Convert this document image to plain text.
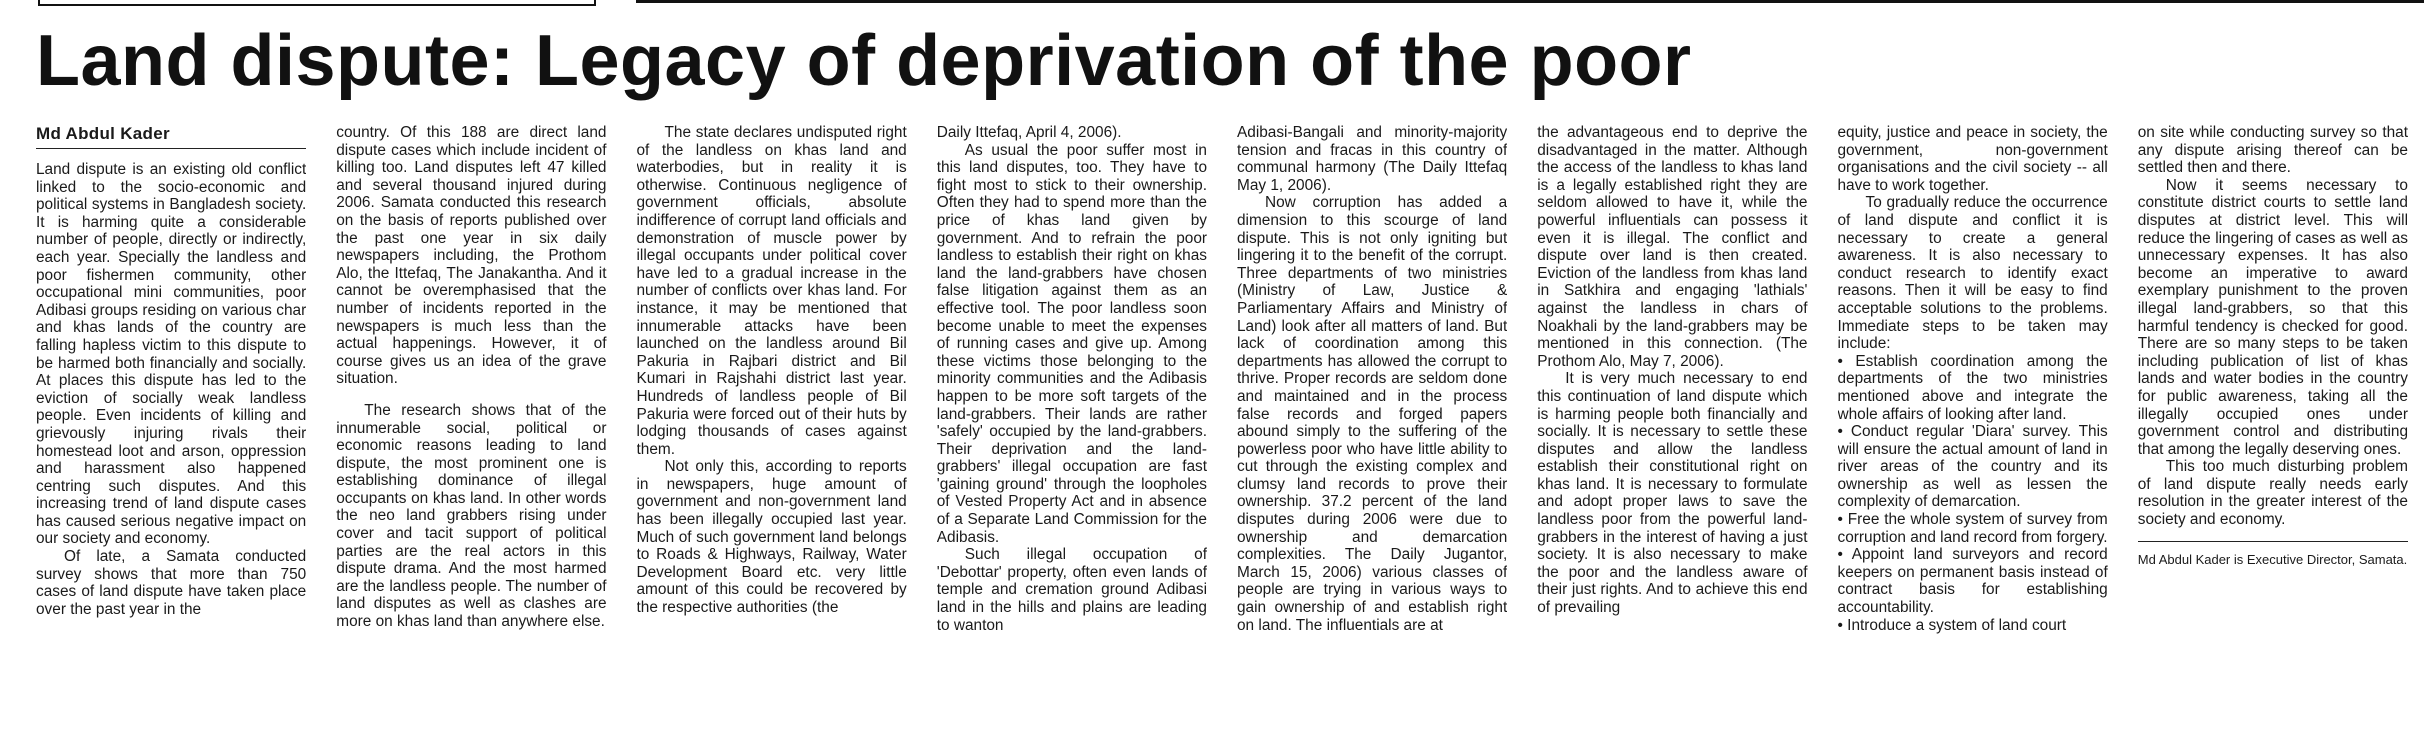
Land dispute: Legacy of deprivation of the poor
Md Abdul Kader

Land dispute is an existing old conflict linked to the socio-economic and political systems in Bangladesh society. It is harming quite a considerable number of people, directly or indirectly, each year. Specially the landless and poor fishermen community, other occupational mini communities, poor Adibasi groups residing on various char and khas lands of the country are falling hapless victim to this dispute to be harmed both financially and socially. At places this dispute has led to the eviction of socially weak landless people. Even incidents of killing and grievously injuring rivals their homestead loot and arson, oppression and harassment also happened centring such disputes. And this increasing trend of land dispute cases has caused serious negative impact on our society and economy.

Of late, a Samata conducted survey shows that more than 750 cases of land dispute have taken place over the past year in the

country. Of this 188 are direct land dispute cases which include incident of killing too. Land disputes left 47 killed and several thousand injured during 2006. Samata conducted this research on the basis of reports published over the past one year in six daily newspapers including, the Prothom Alo, the Ittefaq, The Janakantha. And it cannot be overemphasised that the number of incidents reported in the newspapers is much less than the actual happenings. However, it of course gives us an idea of the grave situation.

The research shows that of the innumerable social, political or economic reasons leading to land dispute, the most prominent one is establishing dominance of illegal occupants on khas land. In other words the neo land grabbers rising under cover and tacit support of political parties are the real actors in this dispute drama. And the most harmed are the landless people. The number of land disputes as well as clashes are more on khas land than anywhere else.

The state declares undisputed right of the landless on khas land and waterbodies, but in reality it is otherwise. Continuous negligence of government officials, absolute indifference of corrupt land officials and demonstration of muscle power by illegal occupants under political cover have led to a gradual increase in the number of conflicts over khas land. For instance, it may be mentioned that innumerable attacks have been launched on the landless around Bil Pakuria in Rajbari district and Bil Kumari in Rajshahi district last year. Hundreds of landless people of Bil Pakuria were forced out of their huts by lodging thousands of cases against them.

Not only this, according to reports in newspapers, huge amount of government and non-government land has been illegally occupied last year. Much of such government land belongs to Roads & Highways, Railway, Water Development Board etc. very little amount of this could be recovered by the respective authorities (the

Daily Ittefaq, April 4, 2006).

As usual the poor suffer most in this land disputes, too. They have to fight most to stick to their ownership. Often they had to spend more than the price of khas land given by government. And to refrain the poor landless to establish their right on khas land the land-grabbers have chosen false litigation against them as an effective tool. The poor landless soon become unable to meet the expenses of running cases and give up. Among these victims those belonging to the minority communities and the Adibasis happen to be more soft targets of the land-grabbers. Their lands are rather 'safely' occupied by the land-grabbers. Their deprivation and the land-grabbers' illegal occupation are fast 'gaining ground' through the loopholes of Vested Property Act and in absence of a Separate Land Commission for the Adibasis.

Such illegal occupation of 'Debottar' property, often even lands of temple and cremation ground Adibasi land in the hills and plains are leading to wanton

Adibasi-Bangali and minority-majority tension and fracas in this country of communal harmony (The Daily Ittefaq May 1, 2006).

Now corruption has added a dimension to this scourge of land dispute. This is not only igniting but lingering it to the benefit of the corrupt. Three departments of two ministries (Ministry of Law, Justice & Parliamentary Affairs and Ministry of Land) look after all matters of land. But lack of coordination among this departments has allowed the corrupt to thrive. Proper records are seldom done and maintained and in the process false records and forged papers abound simply to the suffering of the powerless poor who have little ability to cut through the existing complex and clumsy land records to prove their ownership. 37.2 percent of the land disputes during 2006 were due to ownership and demarcation complexities. The Daily Jugantor, March 15, 2006) various classes of people are trying in various ways to gain ownership of and establish right on land. The influentials are at

the advantageous end to deprive the disadvantaged in the matter. Although the access of the landless to khas land is a legally established right they are seldom allowed to have it, while the powerful influentials can possess it even it is illegal. The conflict and dispute over land is then created. Eviction of the landless from khas land in Satkhira and engaging 'lathials' against the landless in chars of Noakhali by the land-grabbers may be mentioned in this connection. (The Prothom Alo, May 7, 2006).

It is very much necessary to end this continuation of land dispute which is harming people both financially and socially. It is necessary to settle these disputes and allow the landless establish their constitutional right on khas land. It is necessary to formulate and adopt proper laws to save the landless poor from the powerful land-grabbers in the interest of having a just society. It is also necessary to make the poor and the landless aware of their just rights. And to achieve this end of prevailing

equity, justice and peace in society, the government, non-government organisations and the civil society -- all have to work together.

To gradually reduce the occurrence of land dispute and conflict it is necessary to create a general awareness. It is also necessary to conduct research to identify exact reasons. Then it will be easy to find acceptable solutions to the problems. Immediate steps to be taken may include:

• Establish coordination among the departments of the two ministries mentioned above and integrate the whole affairs of looking after land.
• Conduct regular 'Diara' survey. This will ensure the actual amount of land in river areas of the country and its ownership as well as lessen the complexity of demarcation.
• Free the whole system of survey from corruption and land record from forgery.
• Appoint land surveyors and record keepers on permanent basis instead of contract basis for establishing accountability.
• Introduce a system of land court

on site while conducting survey so that any dispute arising thereof can be settled then and there.

Now it seems necessary to constitute district courts to settle land disputes at district level. This will reduce the lingering of cases as well as unnecessary expenses. It has also become an imperative to award exemplary punishment to the proven illegal land-grabbers, so that this harmful tendency is checked for good. There are so many steps to be taken including publication of list of khas lands and water bodies in the country for public awareness, taking all the illegally occupied ones under government control and distributing that among the legally deserving ones.

This too much disturbing problem of land dispute really needs early resolution in the greater interest of the society and economy.

Md Abdul Kader is Executive Director, Samata.
